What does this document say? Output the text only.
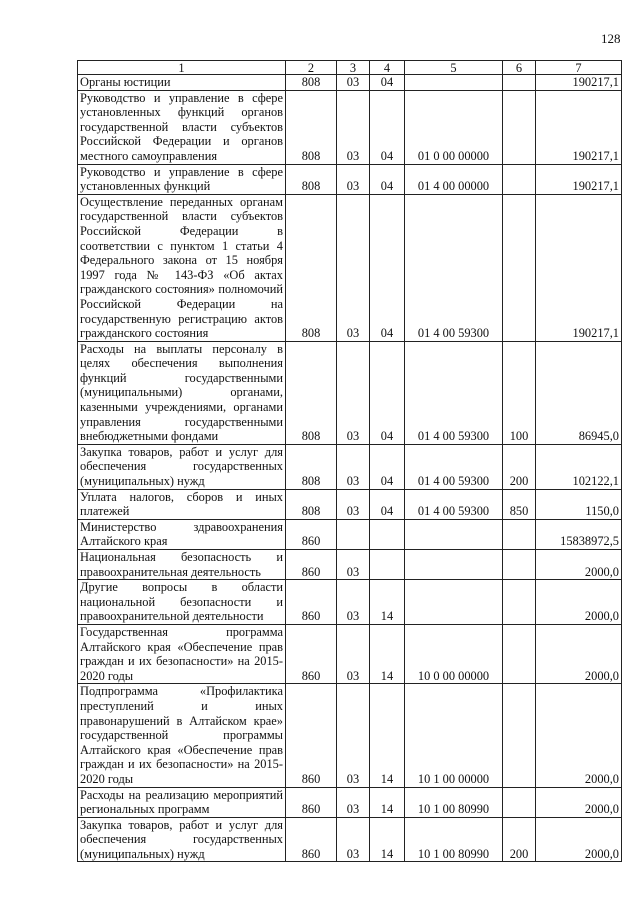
128
1	2	3	4	5	6	7
Органы юстиции	808	03	04			190217,1
Руководство и управление в сфере установленных функций органов государственной власти субъектов Российской Федерации и органов местного самоуправления	808	03	04	01 0 00 00000		190217,1
Руководство и управление в сфере установленных функций	808	03	04	01 4 00 00000		190217,1
Осуществление переданных органам государственной власти субъектов Российской Федерации в соответствии с пунктом 1 статьи 4 Федерального закона от 15 ноября 1997 года № 143-ФЗ «Об актах гражданского состояния» полномочий Российской Федерации на государственную регистрацию актов гражданского состояния	808	03	04	01 4 00 59300		190217,1
Расходы на выплаты персоналу в целях обеспечения выполнения функций государственными (муниципальными) органами, казенными учреждениями, органами управления государственными внебюджетными фондами	808	03	04	01 4 00 59300	100	86945,0
Закупка товаров, работ и услуг для обеспечения государственных (муниципальных) нужд	808	03	04	01 4 00 59300	200	102122,1
Уплата налогов, сборов и иных платежей	808	03	04	01 4 00 59300	850	1150,0
Министерство здравоохранения Алтайского края	860					15838972,5
Национальная безопасность и правоохранительная деятельность	860	03				2000,0
Другие вопросы в области национальной безопасности и правоохранительной деятельности	860	03	14			2000,0
Государственная программа Алтайского края «Обеспечение прав граждан и их безопасности» на 2015-2020 годы	860	03	14	10 0 00 00000		2000,0
Подпрограмма «Профилактика преступлений и иных правонарушений в Алтайском крае» государственной программы Алтайского края «Обеспечение прав граждан и их безопасности» на 2015-2020 годы	860	03	14	10 1 00 00000		2000,0
Расходы на реализацию мероприятий региональных программ	860	03	14	10 1 00 80990		2000,0
Закупка товаров, работ и услуг для обеспечения государственных (муниципальных) нужд	860	03	14	10 1 00 80990	200	2000,0
